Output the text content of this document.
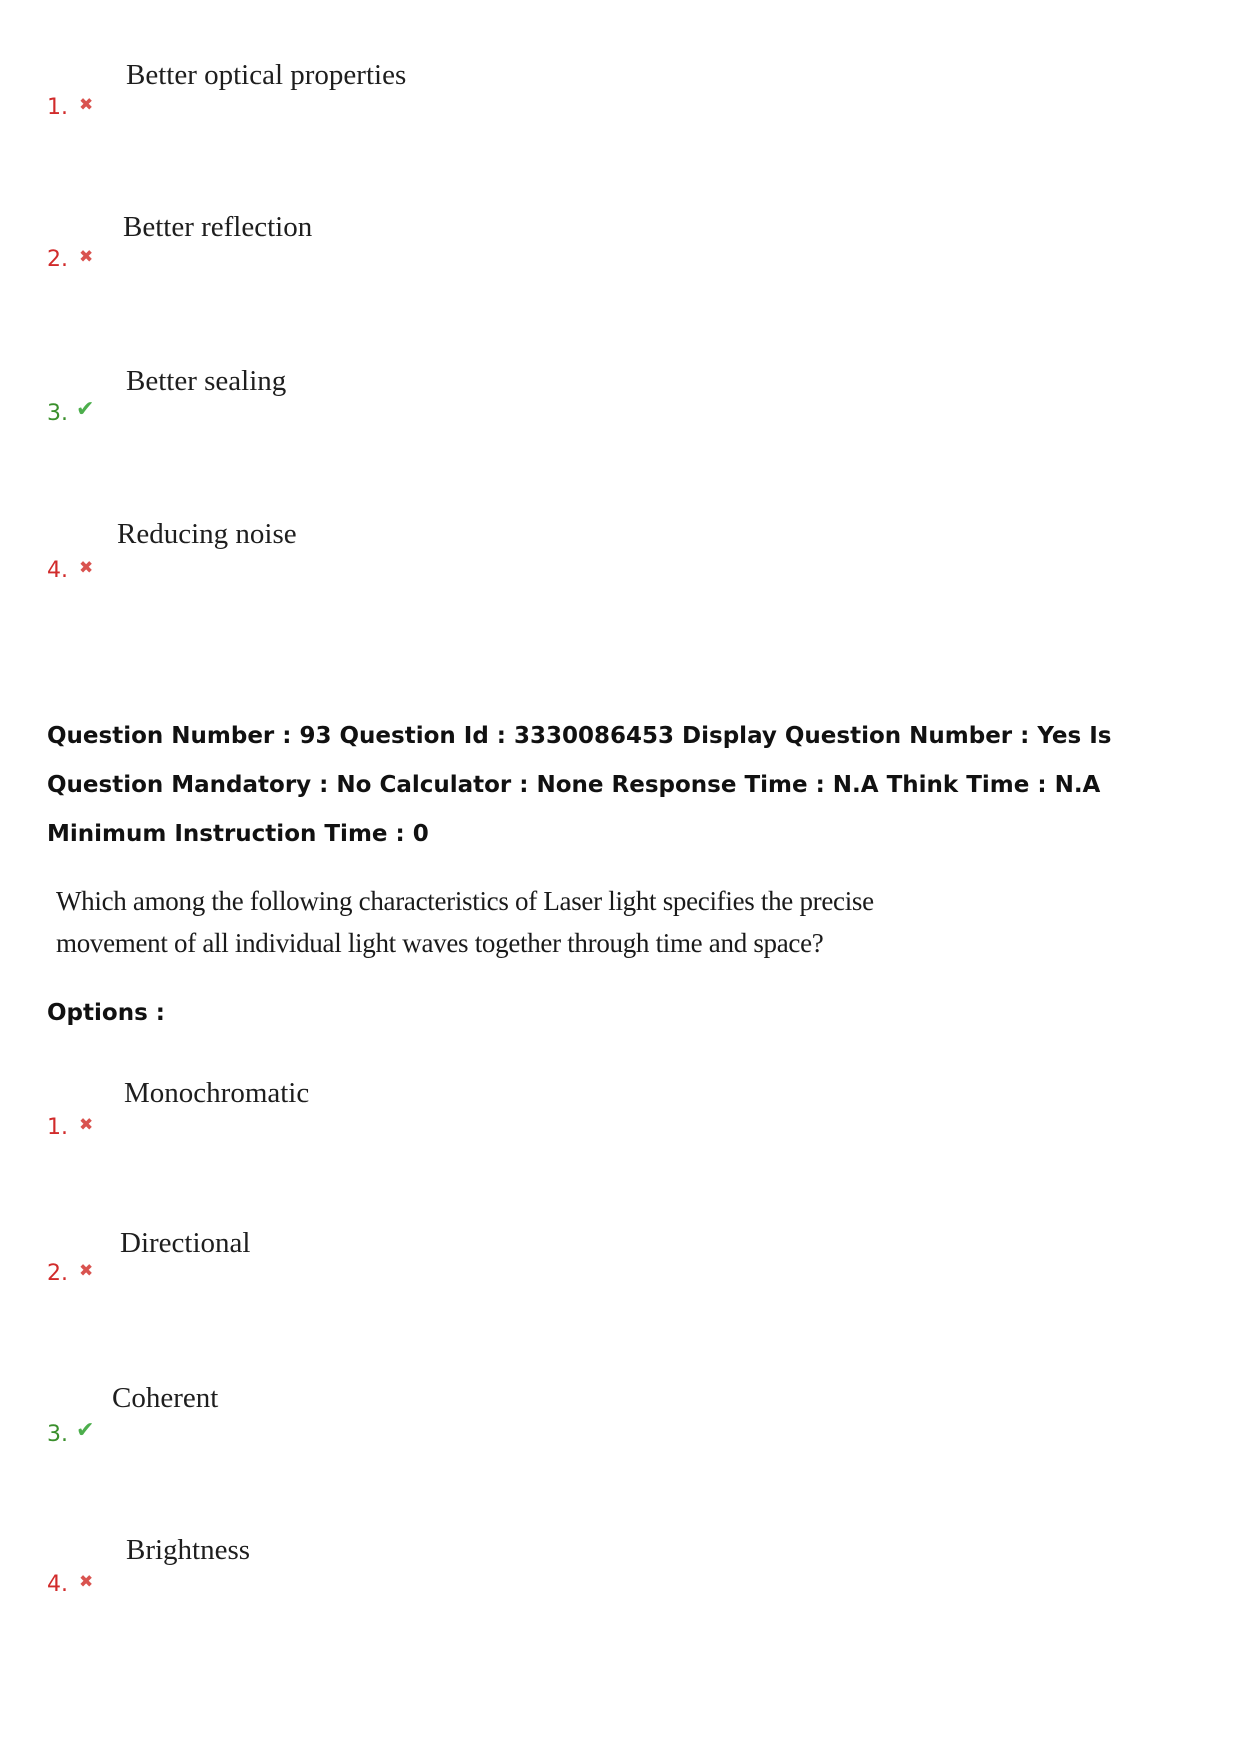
1. ✖
Better optical properties
2. ✖
Better reflection
3. ✔
Better sealing
4. ✖
Reducing noise
Question Number : 93 Question Id : 3330086453 Display Question Number : Yes Is Question Mandatory : No Calculator : None Response Time : N.A Think Time : N.A Minimum Instruction Time : 0
Which among the following characteristics of Laser light specifies the precise movement of all individual light waves together through time and space?
Options :
1. ✖
Monochromatic
2. ✖
Directional
3. ✔
Coherent
4. ✖
Brightness
